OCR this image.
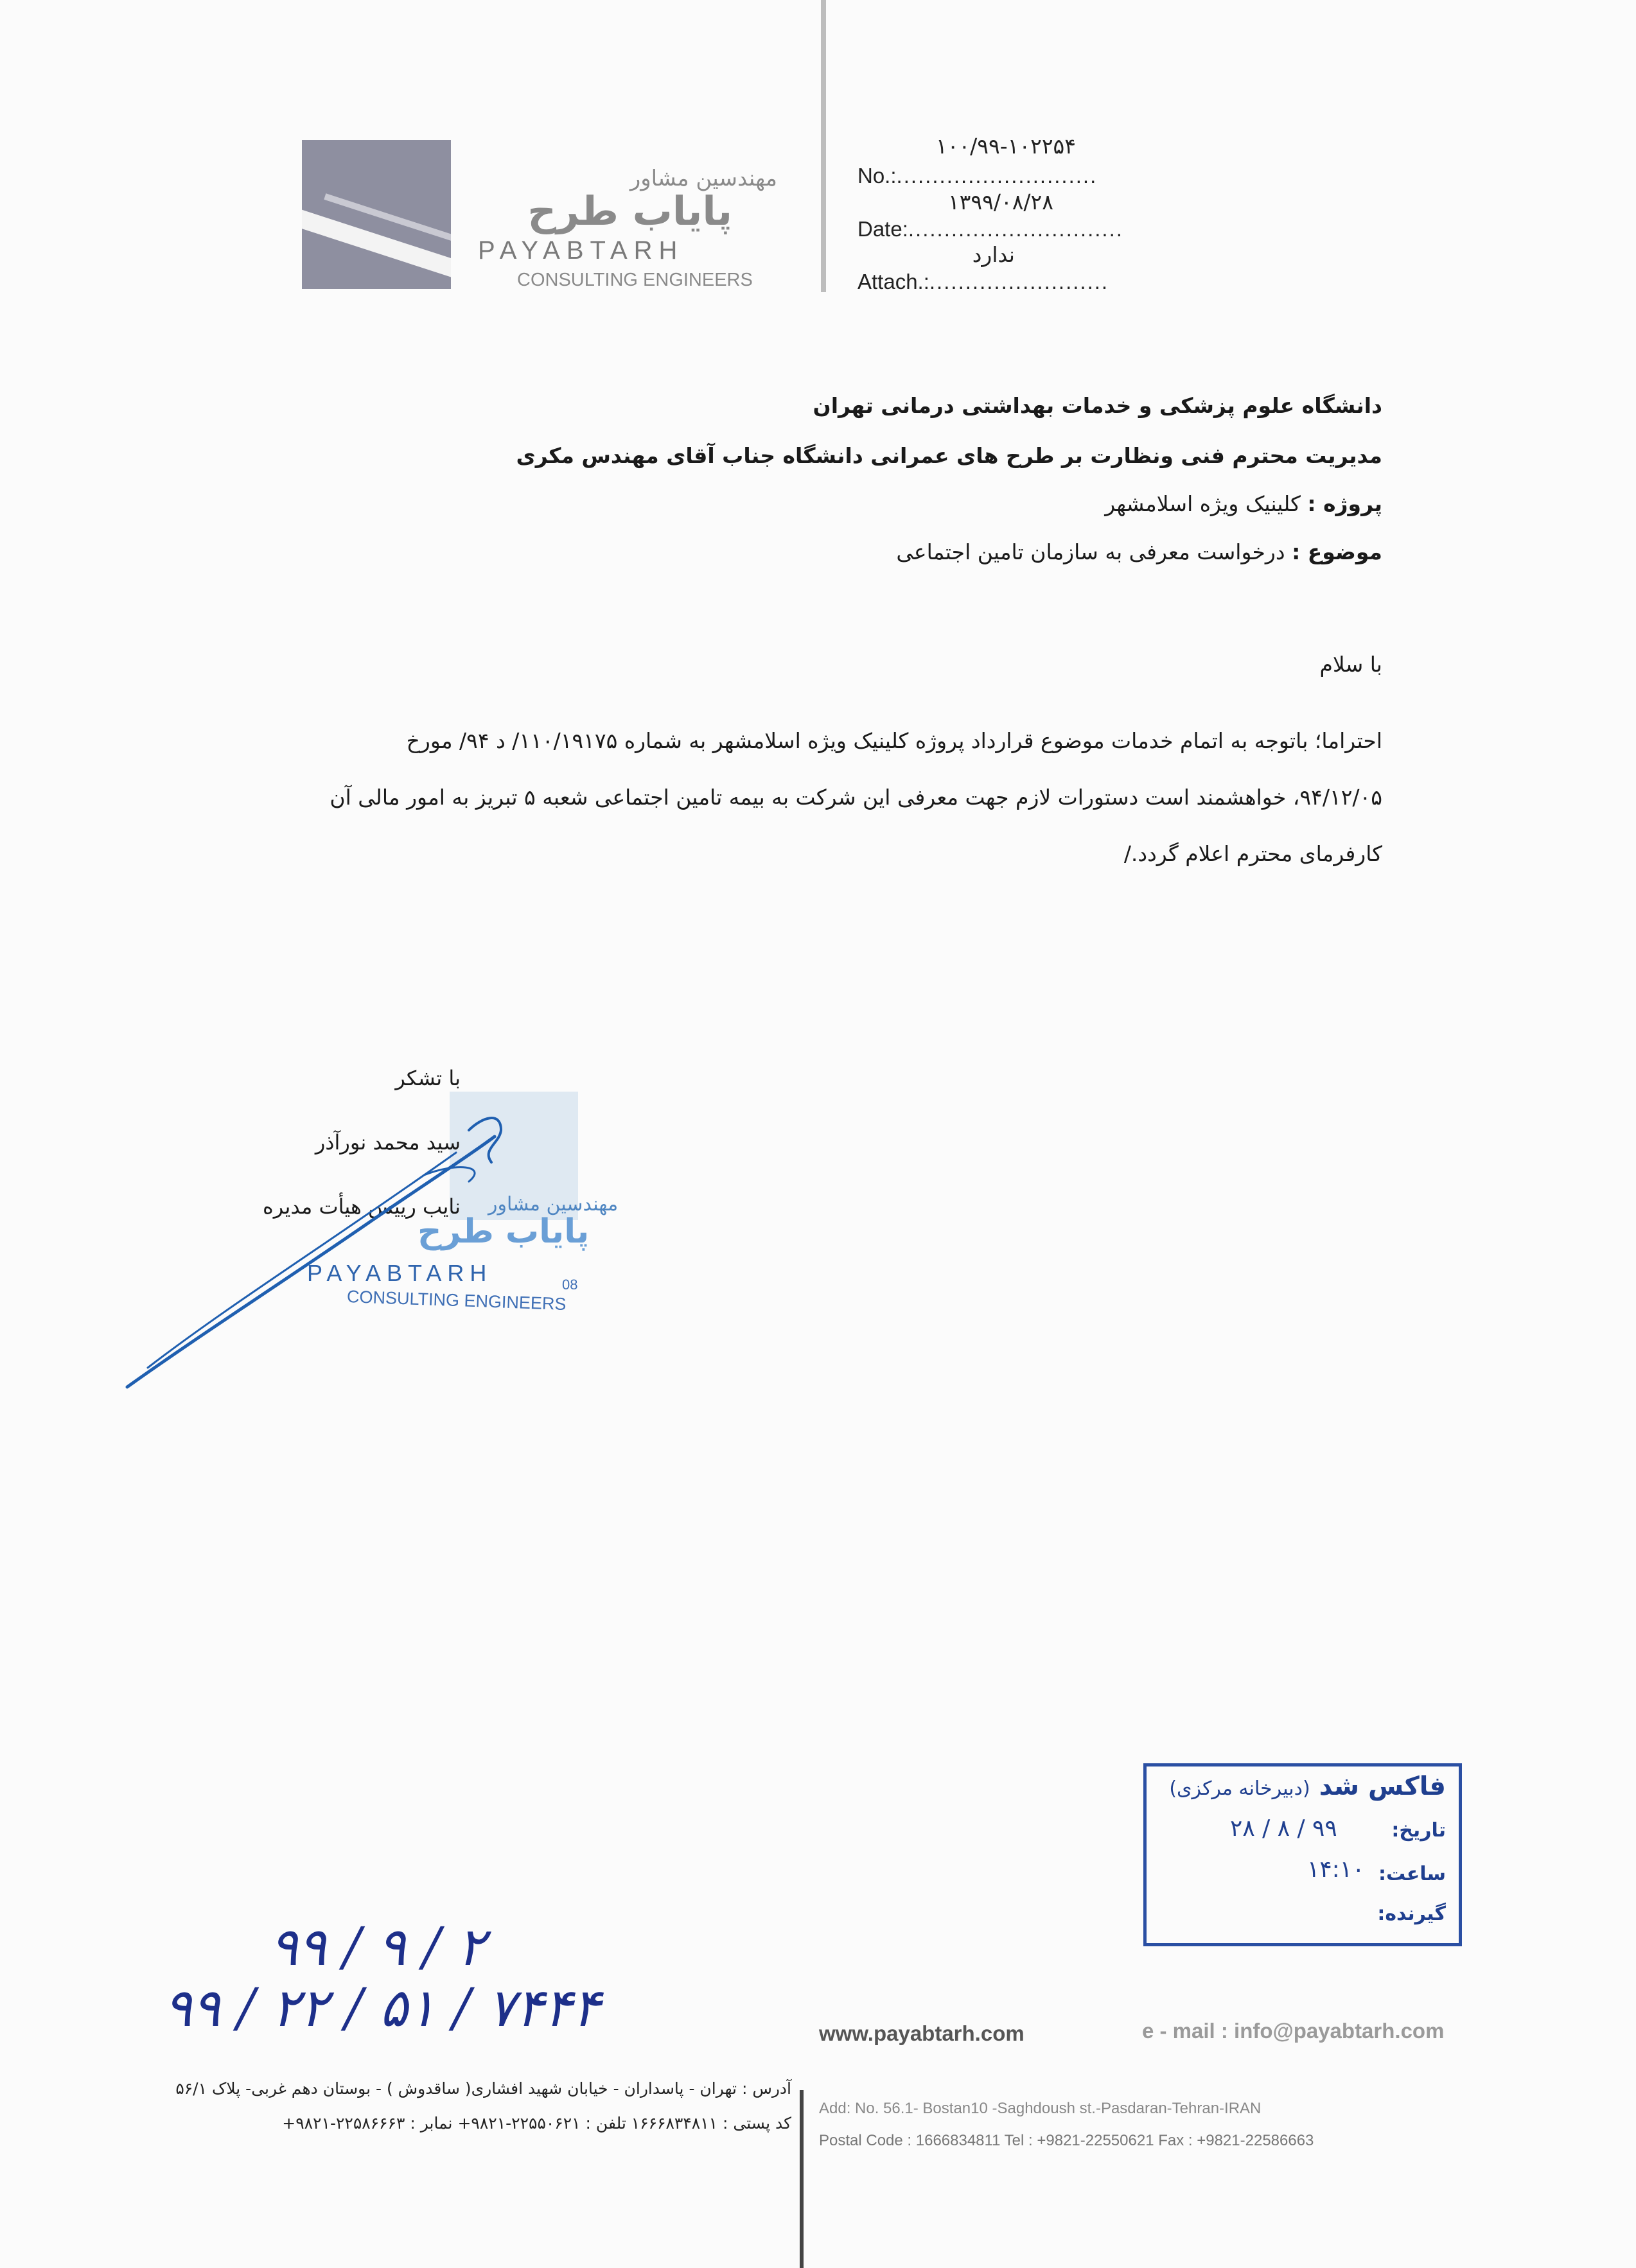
مهندسین مشاور
پایاب طرح
PAYABTARH
CONSULTING ENGINEERS
۱۰۰/۹۹-۱۰۲۲۵۴
No.:............................
۱۳۹۹/۰۸/۲۸
Date:..............................
ندارد
Attach.:.........................
دانشگاه علوم پزشکی و خدمات بهداشتی درمانی تهران
مدیریت محترم فنی ونظارت بر طرح های عمرانی دانشگاه جناب آقای مهندس مکری
پروژه : کلینیک ویژه اسلامشهر
موضوع : درخواست معرفی به سازمان تامین اجتماعی
با سلام
احتراما؛ باتوجه به اتمام خدمات موضوع قرارداد پروژه کلینیک ویژه اسلامشهر به شماره ۱۱۰/۱۹۱۷۵/ د ۹۴/ مورخ
۹۴/۱۲/۰۵، خواهشمند است دستورات لازم جهت معرفی این شرکت به بیمه تامین اجتماعی شعبه ۵ تبریز به امور مالی آن
کارفرمای محترم اعلام گردد./
مهندسین مشاور
پایاب طرح
PAYABTARH
CONSULTING ENGINEERS
08
با تشکر
سید محمد نورآذر
نایب رییس هیأت مدیره
فاکس شد (دبیرخانه مرکزی)
تاریخ:
۹۹ / ۸ / ۲۸
ساعت:
۱۴:۱۰
گیرنده:
۹۹ / ۹ / ۲
۹۹ / ۲۲ / ۵۱ / ۷۴۴۴	www.payabtarh.com	e - mail : info@payabtarh.com
آدرس : تهران - پاسداران - خیابان شهید افشاری( ساقدوش ) - بوستان دهم غربی- پلاک ۵۶/۱
کد پستی : ۱۶۶۶۸۳۴۸۱۱ تلفن : ۲۲۵۵۰۶۲۱-۹۸۲۱+ نمابر : ۲۲۵۸۶۶۶۳-۹۸۲۱+
Add: No. 56.1- Bostan10 -Saghdoush st.-Pasdaran-Tehran-IRAN
Postal Code : 1666834811 Tel : +9821-22550621 Fax : +9821-22586663
